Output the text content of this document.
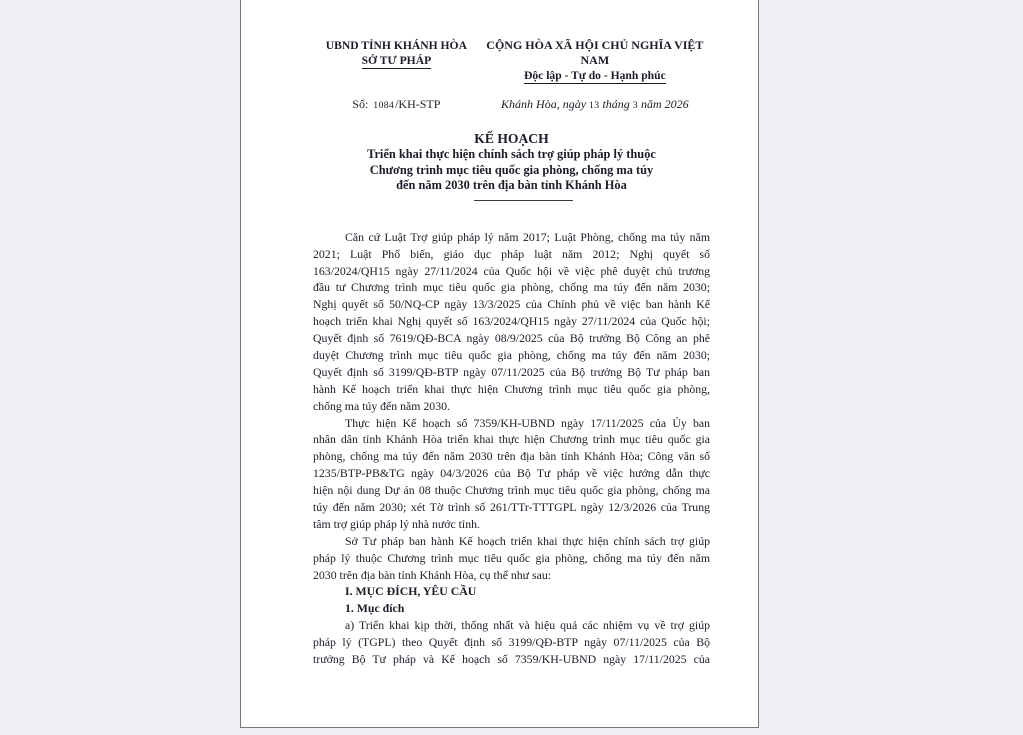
UBND TỈNH KHÁNH HÒA
SỞ TƯ PHÁP
CỘNG HÒA XÃ HỘI CHỦ NGHĨA VIỆT NAM
Độc lập - Tự do - Hạnh phúc
Số: 1084/KH-STP	Khánh Hòa, ngày 13 tháng 3 năm 2026
KẾ HOẠCH
Triển khai thực hiện chính sách trợ giúp pháp lý thuộc
Chương trình mục tiêu quốc gia phòng, chống ma túy
đến năm 2030 trên địa bàn tỉnh Khánh Hòa
Căn cứ Luật Trợ giúp pháp lý năm 2017; Luật Phòng, chống ma túy năm
2021; Luật Phổ biến, giáo dục pháp luật năm 2012; Nghị quyết số
163/2024/QH15 ngày 27/11/2024 của Quốc hội về việc phê duyệt chủ trương
đầu tư Chương trình mục tiêu quốc gia phòng, chống ma túy đến năm 2030;
Nghị quyết số 50/NQ-CP ngày 13/3/2025 của Chính phủ về việc ban hành Kế
hoạch triển khai Nghị quyết số 163/2024/QH15 ngày 27/11/2024 của Quốc hội;
Quyết định số 7619/QĐ-BCA ngày 08/9/2025 của Bộ trưởng Bộ Công an phê
duyệt Chương trình mục tiêu quốc gia phòng, chống ma túy đến năm 2030;
Quyết định số 3199/QĐ-BTP ngày 07/11/2025 của Bộ trưởng Bộ Tư pháp ban
hành Kế hoạch triển khai thực hiện Chương trình mục tiêu quốc gia phòng,
chống ma túy đến năm 2030.
Thực hiện Kế hoạch số 7359/KH-UBND ngày 17/11/2025 của Ủy ban
nhân dân tỉnh Khánh Hòa triển khai thực hiện Chương trình mục tiêu quốc gia
phòng, chống ma túy đến năm 2030 trên địa bàn tỉnh Khánh Hòa; Công văn số
1235/BTP-PB&TG ngày 04/3/2026 của Bộ Tư pháp về việc hướng dẫn thực
hiện nội dung Dự án 08 thuộc Chương trình mục tiêu quốc gia phòng, chống ma
túy đến năm 2030; xét Tờ trình số 261/TTr-TTTGPL ngày 12/3/2026 của Trung
tâm trợ giúp pháp lý nhà nước tỉnh.
Sở Tư pháp ban hành Kế hoạch triển khai thực hiện chính sách trợ giúp
pháp lý thuộc Chương trình mục tiêu quốc gia phòng, chống ma túy đến năm
2030 trên địa bàn tỉnh Khánh Hòa, cụ thể như sau:
I. MỤC ĐÍCH, YÊU CẦU
1. Mục đích
a) Triển khai kịp thời, thống nhất và hiệu quả các nhiệm vụ về trợ giúp
pháp lý (TGPL) theo Quyết định số 3199/QĐ-BTP ngày 07/11/2025 của Bộ
trưởng Bộ Tư pháp và Kế hoạch số 7359/KH-UBND ngày 17/11/2025 của
